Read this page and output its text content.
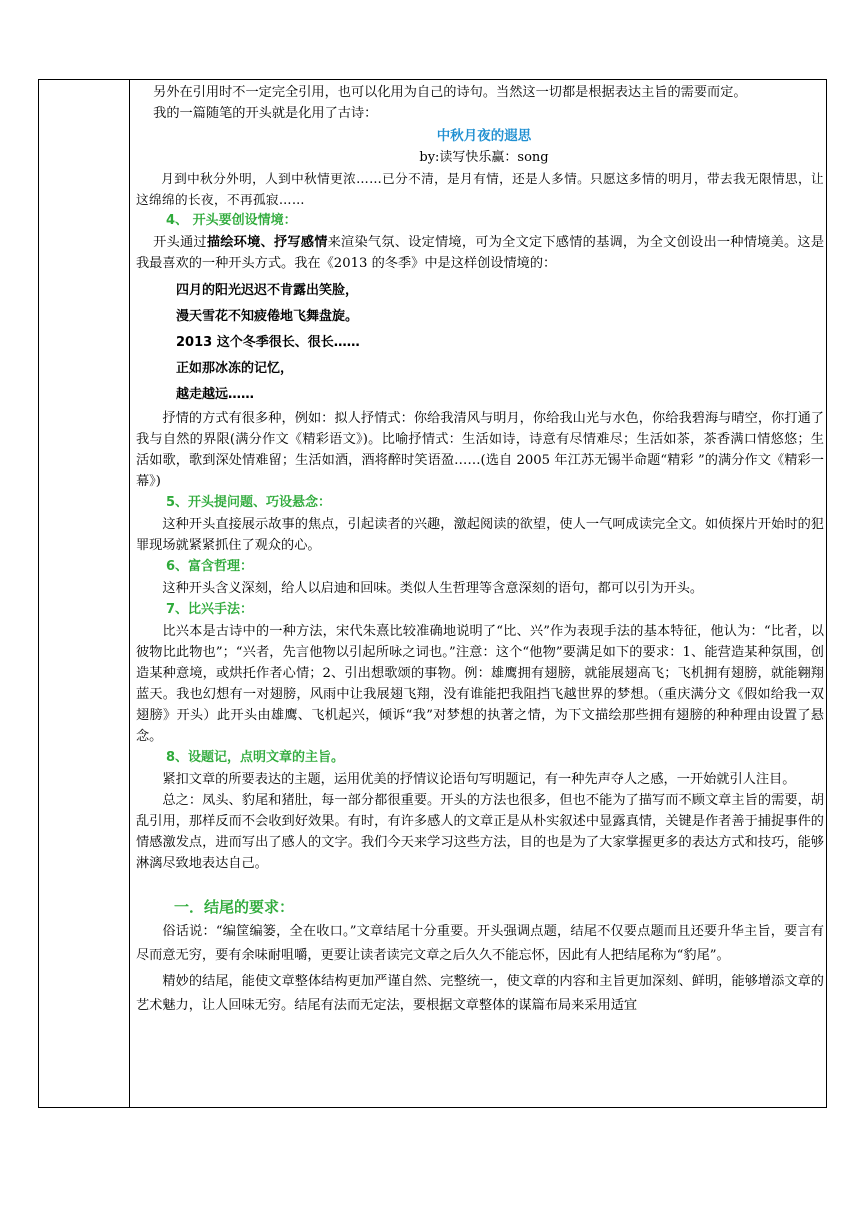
另外在引用时不一定完全引用，也可以化用为自己的诗句。当然这一切都是根据表达主旨的需要而定。

我的一篇随笔的开头就是化用了古诗：

中秋月夜的遐思
by:读写快乐赢：song

月到中秋分外明，人到中秋情更浓……已分不清，是月有情，还是人多情。只愿这多情的明月，带去我无限情思，让这绵绵的长夜，不再孤寂……

4、 开头要创设情境：

开头通过描绘环境、抒写感情来渲染气氛、设定情境，可为全文定下感情的基调，为全文创设出一种情境美。这是我最喜欢的一种开头方式。我在《2013 的冬季》中是这样创设情境的：

四月的阳光迟迟不肯露出笑脸，
漫天雪花不知疲倦地飞舞盘旋。
2013 这个冬季很长、很长……
正如那冰冻的记忆，
越走越远……

抒情的方式有很多种，例如：拟人抒情式：你给我清风与明月，你给我山光与水色，你给我碧海与晴空，你打通了我与自然的界限(满分作文《精彩语文》)。比喻抒情式：生活如诗，诗意有尽情难尽；生活如茶，茶香满口情悠悠；生活如歌，歌到深处情难留；生活如酒，酒将醉时笑语盈……(选自 2005 年江苏无锡半命题“精彩 ”的满分作文《精彩一幕》)

5、开头提问题、巧设悬念：

这种开头直接展示故事的焦点，引起读者的兴趣，激起阅读的欲望，使人一气呵成读完全文。如侦探片开始时的犯罪现场就紧紧抓住了观众的心。

6、富含哲理：

这种开头含义深刻，给人以启迪和回味。类似人生哲理等含意深刻的语句，都可以引为开头。

7、比兴手法：

比兴本是古诗中的一种方法，宋代朱熹比较准确地说明了“比、兴”作为表现手法的基本特征，他认为：“比者，以彼物比此物也”；“兴者，先言他物以引起所咏之词也。”注意：这个“他物”要满足如下的要求：1、能营造某种氛围，创造某种意境，或烘托作者心情；2、引出想歌颂的事物。例：雄鹰拥有翅膀，就能展翅高飞；飞机拥有翅膀，就能翱翔蓝天。我也幻想有一对翅膀，风雨中让我展翅飞翔，没有谁能把我阻挡飞越世界的梦想。（重庆满分文《假如给我一双翅膀》开头）此开头由雄鹰、飞机起兴，倾诉“我”对梦想的执著之情，为下文描绘那些拥有翅膀的种种理由设置了悬念。

8、设题记，点明文章的主旨。

紧扣文章的所要表达的主题，运用优美的抒情议论语句写明题记，有一种先声夺人之感，一开始就引人注目。

总之：凤头、豹尾和猪肚，每一部分都很重要。开头的方法也很多，但也不能为了描写而不顾文章主旨的需要，胡乱引用，那样反而不会收到好效果。有时，有许多感人的文章正是从朴实叙述中显露真情，关键是作者善于捕捉事件的情感激发点，进而写出了感人的文字。我们今天来学习这些方法，目的也是为了大家掌握更多的表达方式和技巧，能够淋漓尽致地表达自己。

一．结尾的要求：

俗话说：“编筐编篓，全在收口。”文章结尾十分重要。开头强调点题，结尾不仅要点题而且还要升华主旨，要言有尽而意无穷，要有余味耐咀嚼，更要让读者读完文章之后久久不能忘怀，因此有人把结尾称为“豹尾”。

精妙的结尾，能使文章整体结构更加严谨自然、完整统一，使文章的内容和主旨更加深刻、鲜明，能够增添文章的艺术魅力，让人回味无穷。结尾有法而无定法，要根据文章整体的谋篇布局来采用适宜
